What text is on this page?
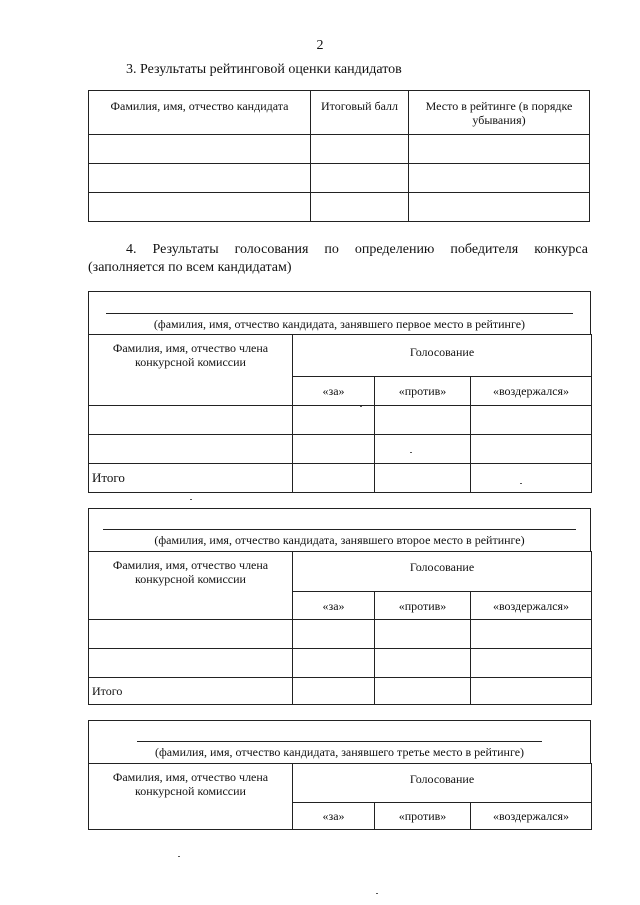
2
3. Результаты рейтинговой оценки кандидатов
Фамилия, имя, отчество кандидата	Итоговый балл	Место в рейтинге (в порядке убывания)

4. Результаты голосования по определению победителя конкурса
(заполняется по всем кандидатам)
(фамилия, имя, отчество кандидата, занявшего первое место в рейтинге)
Фамилия, имя, отчество члена конкурсной комиссии	Голосование		
	«за»	«против»	«воздержался»

Итого			
(фамилия, имя, отчество кандидата, занявшего второе место в рейтинге)
Фамилия, имя, отчество члена конкурсной комиссии	Голосование		
	«за»	«против»	«воздержался»

Итого			
(фамилия, имя, отчество кандидата, занявшего третье место в рейтинге)
Фамилия, имя, отчество члена конкурсной комиссии	Голосование		
	«за»	«против»	«воздержался»
